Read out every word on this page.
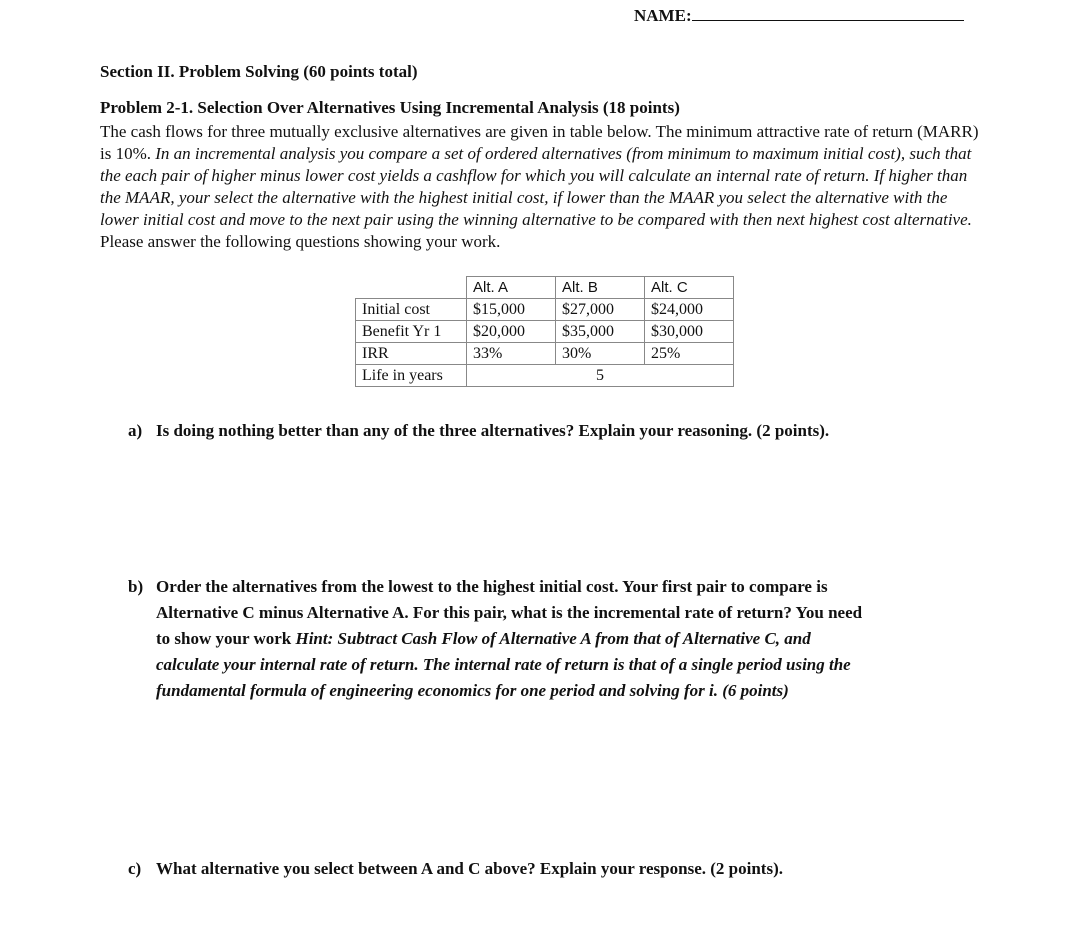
NAME:
Section II. Problem Solving (60 points total)
Problem 2-1. Selection Over Alternatives Using Incremental Analysis (18 points)

The cash flows for three mutually exclusive alternatives are given in table below. The minimum attractive rate of return (MARR) is 10%. In an incremental analysis you compare a set of ordered alternatives (from minimum to maximum initial cost), such that the each pair of higher minus lower cost yields a cashflow for which you will calculate an internal rate of return. If higher than the MAAR, your select the alternative with the highest initial cost, if lower than the MAAR you select the alternative with the lower initial cost and move to the next pair using the winning alternative to be compared with then next highest cost alternative.

Please answer the following questions showing your work.

	Alt. A	Alt. B	Alt. C
Initial cost	$15,000	$27,000	$24,000
Benefit Yr 1	$20,000	$35,000	$30,000
IRR	33%	30%	25%
Life in years	5		
a) Is doing nothing better than any of the three alternatives? Explain your reasoning. (2 points).
b) Order the alternatives from the lowest to the highest initial cost. Your first pair to compare is
Alternative C minus Alternative A. For this pair, what is the incremental rate of return? You need
to show your work Hint: Subtract Cash Flow of Alternative A from that of Alternative C, and
calculate your internal rate of return. The internal rate of return is that of a single period using the
fundamental formula of engineering economics for one period and solving for i. (6 points)
c) What alternative you select between A and C above? Explain your response. (2 points).
